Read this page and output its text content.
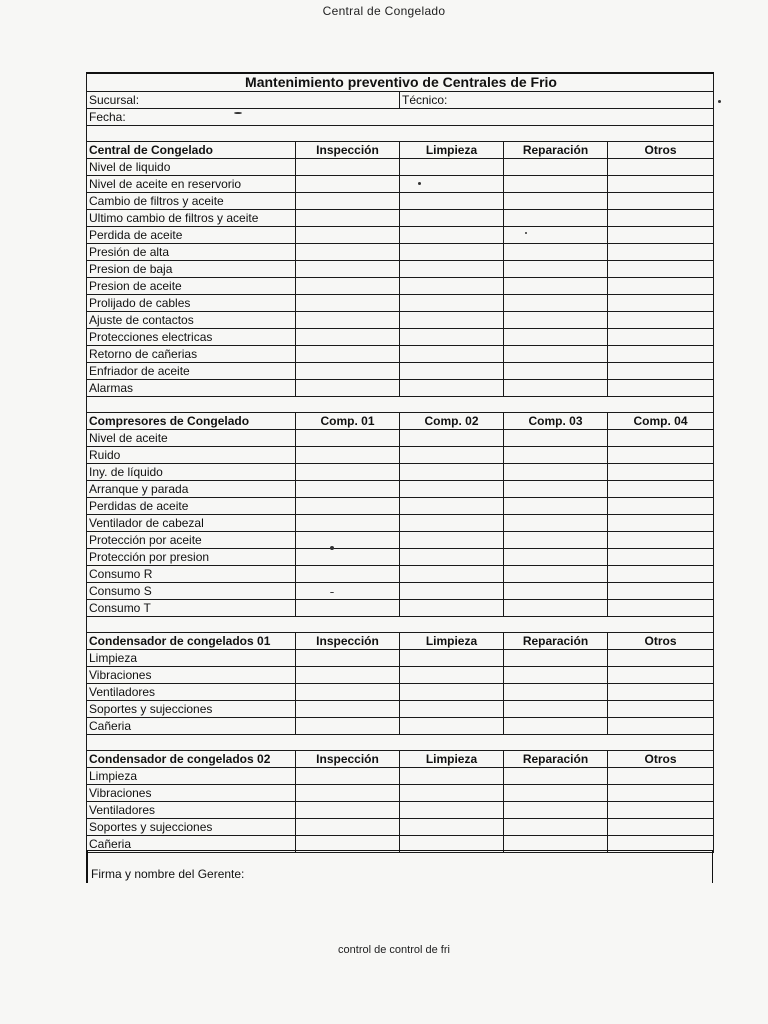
Central de Congelado
Mantenimiento preventivo de Centrales de Frio				
Sucursal:		Técnico:		
Fecha:				

Central de Congelado	Inspección	Limpieza	Reparación	Otros
Nivel de liquido				
Nivel de aceite en reservorio				
Cambio de filtros y aceite				
Ultimo cambio de filtros y aceite				
Perdida de aceite				
Presión de alta				
Presion de baja				
Presion de aceite				
Prolijado de cables				
Ajuste de contactos				
Protecciones electricas				
Retorno de cañerias				
Enfriador de aceite				
Alarmas				

Compresores de Congelado	Comp. 01	Comp. 02	Comp. 03	Comp. 04
Nivel de aceite				
Ruido				
Iny. de líquido				
Arranque y parada				
Perdidas de aceite				
Ventilador de cabezal				
Protección por aceite				
Protección por presion				
Consumo R				
Consumo S				
Consumo T				

Condensador de congelados 01	Inspección	Limpieza	Reparación	Otros
Limpieza				
Vibraciones				
Ventiladores				
Soportes y sujecciones				
Cañeria				

Condensador de congelados 02	Inspección	Limpieza	Reparación	Otros
Limpieza				
Vibraciones				
Ventiladores				
Soportes y sujecciones				
Cañeria				
Firma y nombre del Gerente:
control de control de fri
